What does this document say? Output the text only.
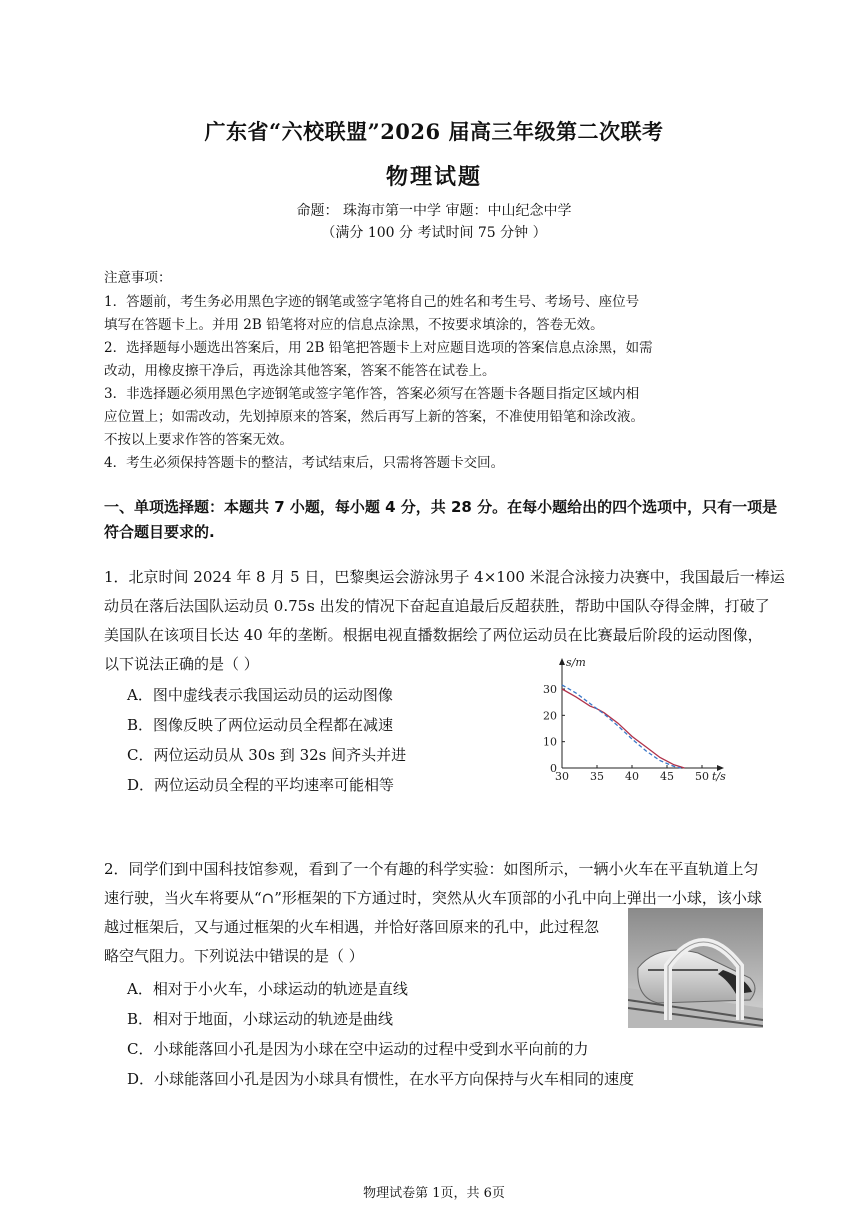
广东省“六校联盟”2026 届高三年级第二次联考
物理试题
命题： 珠海市第一中学 审题：中山纪念中学
（满分 100 分 考试时间 75 分钟 ）
注意事项：
1．答题前，考生务必用黑色字迹的钢笔或签字笔将自己的姓名和考生号、考场号、座位号
填写在答题卡上。并用 2B 铅笔将对应的信息点涂黑，不按要求填涂的，答卷无效。
2．选择题每小题选出答案后，用 2B 铅笔把答题卡上对应题目选项的答案信息点涂黑，如需
改动，用橡皮擦干净后，再选涂其他答案，答案不能答在试卷上。
3．非选择题必须用黑色字迹钢笔或签字笔作答，答案必须写在答题卡各题目指定区域内相
应位置上；如需改动，先划掉原来的答案，然后再写上新的答案，不准使用铅笔和涂改液。
不按以上要求作答的答案无效。
4．考生必须保持答题卡的整洁，考试结束后，只需将答题卡交回。
一、单项选择题：本题共 7 小题，每小题 4 分，共 28 分。在每小题给出的四个选项中，只有一项是
符合题目要求的.
1．北京时间 2024 年 8 月 5 日，巴黎奥运会游泳男子 4×100 米混合泳接力决赛中，我国最后一棒运
动员在落后法国队运动员 0.75s 出发的情况下奋起直追最后反超获胜，帮助中国队夺得金牌，打破了
美国队在该项目长达 40 年的垄断。根据电视直播数据绘了两位运动员在比赛最后阶段的运动图像，
以下说法正确的是（ ）
A．图中虚线表示我国运动员的运动图像
B．图像反映了两位运动员全程都在减速
C．两位运动员从 30s 到 32s 间齐头并进
D．两位运动员全程的平均速率可能相等
0
10
20
30
30 35 40 45 50
s/m
t/s
2．同学们到中国科技馆参观，看到了一个有趣的科学实验：如图所示，一辆小火车在平直轨道上匀
速行驶，当火车将要从“∩”形框架的下方通过时，突然从火车顶部的小孔中向上弹出一小球，该小球
越过框架后，又与通过框架的火车相遇，并恰好落回原来的孔中，此过程忽
略空气阻力。下列说法中错误的是（ ）
A．相对于小火车，小球运动的轨迹是直线
B．相对于地面，小球运动的轨迹是曲线
C．小球能落回小孔是因为小球在空中运动的过程中受到水平向前的力
D．小球能落回小孔是因为小球具有惯性，在水平方向保持与火车相同的速度
物理试卷第 1页，共 6页
